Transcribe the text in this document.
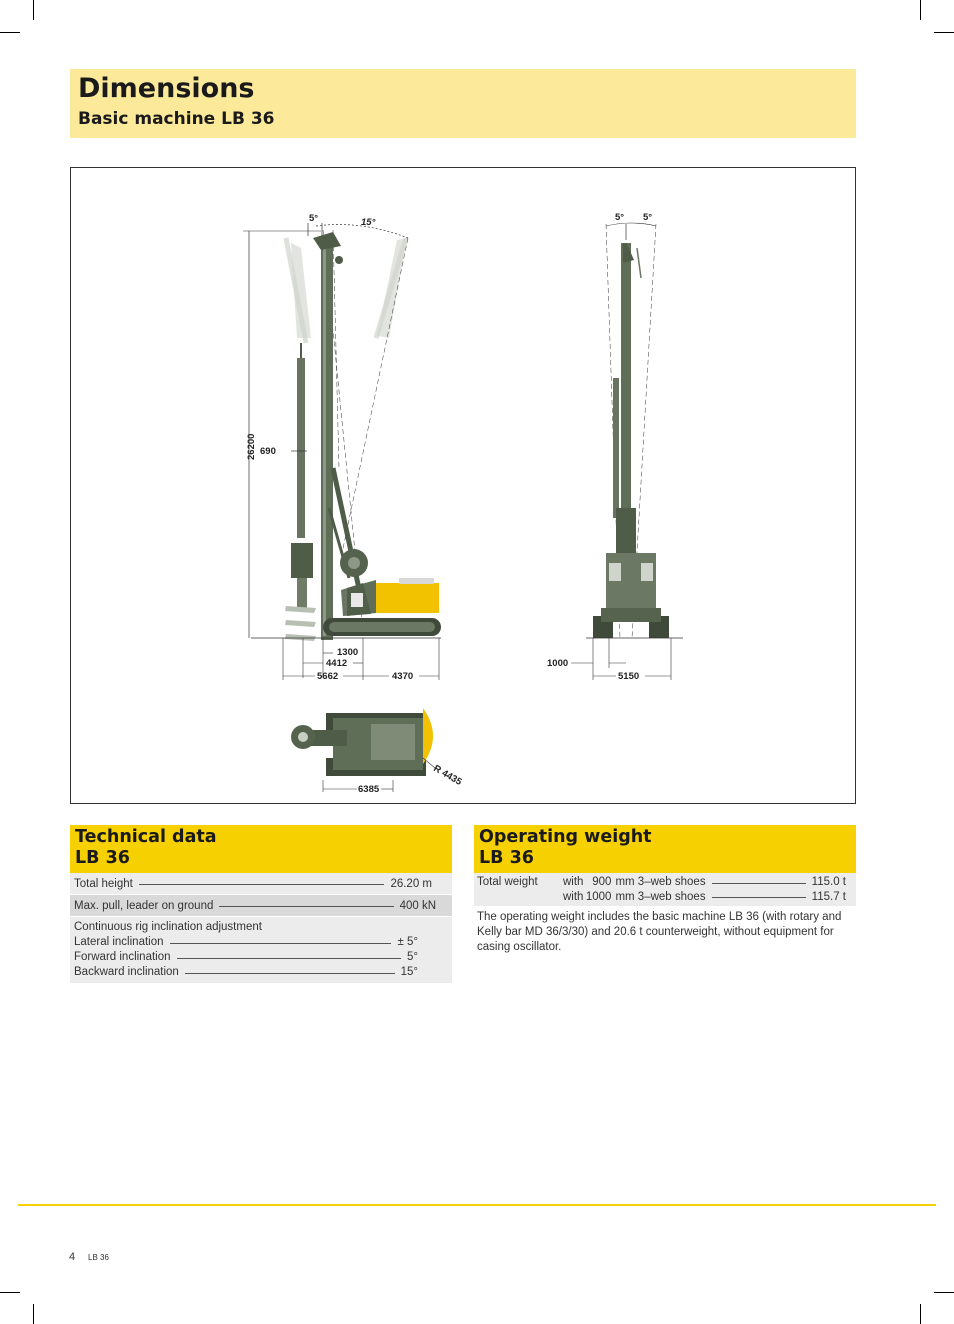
Dimensions
Basic machine LB 36
5°	15°
26200 690
1300
4412
5662	4370
6385
R 4435
5° 5°
1000
5150
Technical data
LB 36
Total height	26.20 m
Max. pull, leader on ground	400 kN
Continuous rig inclination adjustment
Lateral inclination	± 5°
Forward inclination	5°
Backward inclination	15°
Operating weight
LB 36
Total weight with 900 mm 3–web shoes	115.0 t
with 1000 mm 3–web shoes	115.7 t

The operating weight includes the basic machine LB 36 (with rotary and Kelly bar MD 36/3/30) and 20.6 t counterweight, without equipment for casing oscillator.

4 LB 36
